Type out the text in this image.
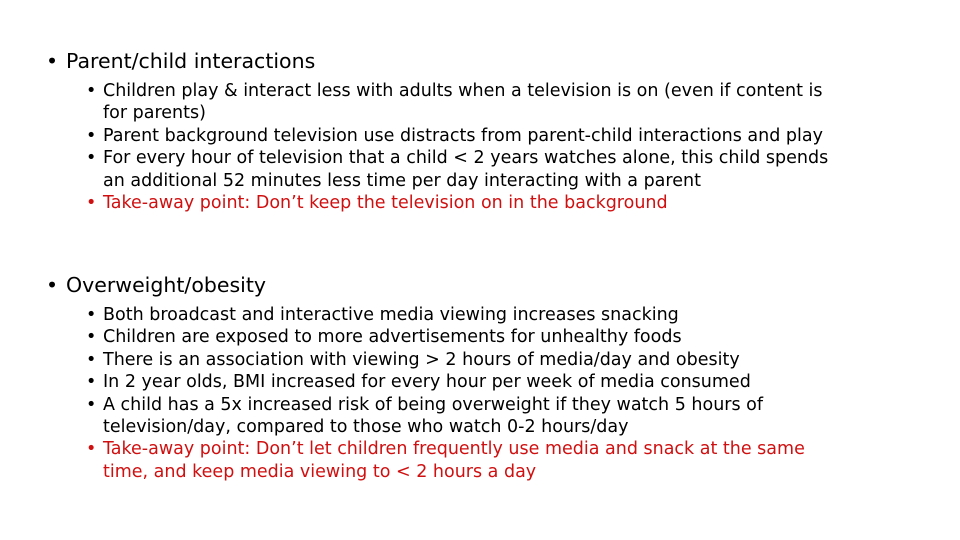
• Parent/child interactions
• Children play & interact less with adults when a television is on (even if content is
for parents)
• Parent background television use distracts from parent-child interactions and play
• For every hour of television that a child < 2 years watches alone, this child spends
an additional 52 minutes less time per day interacting with a parent
• Take-away point: Don’t keep the television on in the background
• Overweight/obesity
• Both broadcast and interactive media viewing increases snacking
• Children are exposed to more advertisements for unhealthy foods
• There is an association with viewing > 2 hours of media/day and obesity
• In 2 year olds, BMI increased for every hour per week of media consumed
• A child has a 5x increased risk of being overweight if they watch 5 hours of
television/day, compared to those who watch 0-2 hours/day
• Take-away point: Don’t let children frequently use media and snack at the same
time, and keep media viewing to < 2 hours a day
